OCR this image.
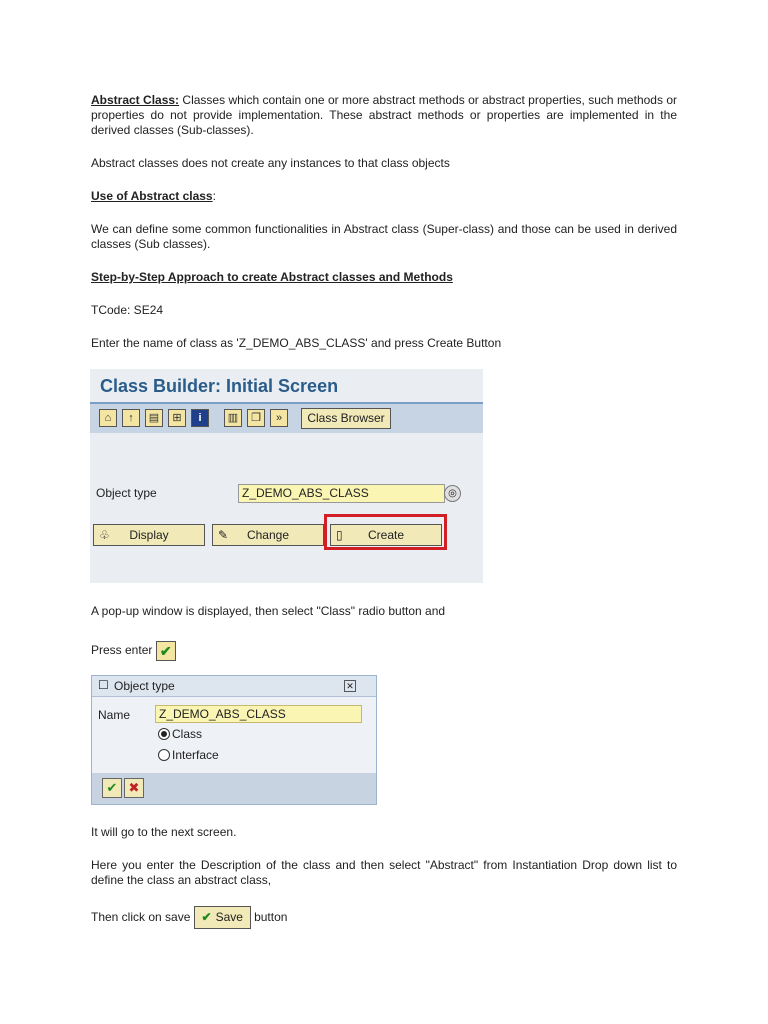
Abstract Class: Classes which contain one or more abstract methods or abstract properties, such methods or properties do not provide implementation. These abstract methods or properties are implemented in the derived classes (Sub-classes).
Abstract classes does not create any instances to that class objects
Use of Abstract class:
We can define some common functionalities in Abstract class (Super-class) and those can be used in derived classes (Sub classes).
Step-by-Step Approach to create Abstract classes and Methods
TCode: SE24
Enter the name of class as 'Z_DEMO_ABS_CLASS' and press Create Button
Class Builder: Initial Screen
⌂	↑	▤	⊞	i	▥	❐	»	Class Browser
Object type	Z_DEMO_ABS_CLASS	◎
♧	Display	✎	Change	▯	Create
A pop-up window is displayed, then select "Class" radio button and
Press enter ✔
☐ Object type	✕
Name	Z_DEMO_ABS_CLASS
Class
Interface
✔ ✖
It will go to the next screen.
Here you enter the Description of the class and then select "Abstract" from Instantiation Drop down list to define the class an abstract class,
Then click on save ✔ Save button
